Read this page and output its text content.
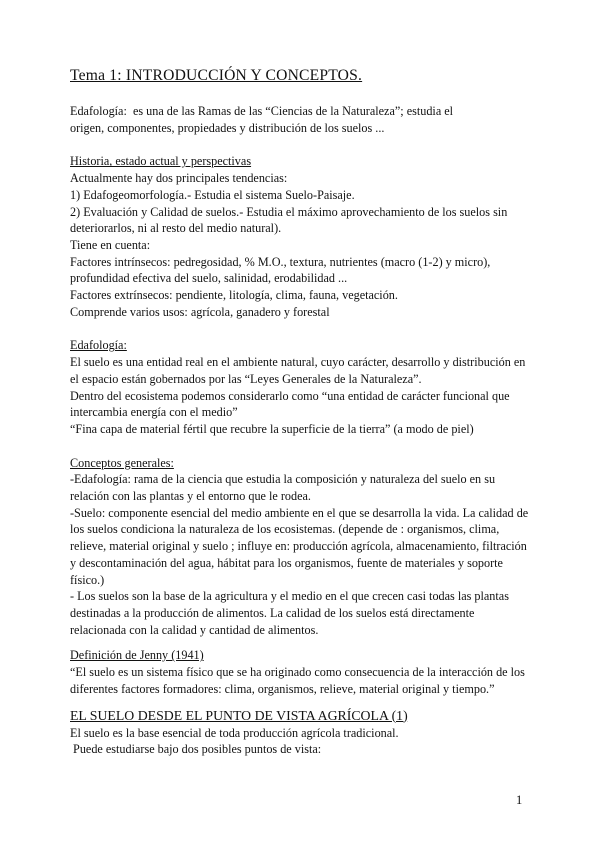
Tema 1: INTRODUCCIÓN Y CONCEPTOS.
Edafología:  es una de las Ramas de las “Ciencias de la Naturaleza”; estudia el
origen, componentes, propiedades y distribución de los suelos ...
Historia, estado actual y perspectivas
Actualmente hay dos principales tendencias:
1) Edafogeomorfología.- Estudia el sistema Suelo-Paisaje.
2) Evaluación y Calidad de suelos.- Estudia el máximo aprovechamiento de los suelos sin
deteriorarlos, ni al resto del medio natural).
Tiene en cuenta:
Factores intrínsecos: pedregosidad, % M.O., textura, nutrientes (macro (1-2) y micro),
profundidad efectiva del suelo, salinidad, erodabilidad ...
Factores extrínsecos: pendiente, litología, clima, fauna, vegetación.
Comprende varios usos: agrícola, ganadero y forestal
Edafología:
El suelo es una entidad real en el ambiente natural, cuyo carácter, desarrollo y distribución en
el espacio están gobernados por las “Leyes Generales de la Naturaleza”.
Dentro del ecosistema podemos considerarlo como “una entidad de carácter funcional que
intercambia energía con el medio”
“Fina capa de material fértil que recubre la superficie de la tierra” (a modo de piel)
Conceptos generales:
-Edafología: rama de la ciencia que estudia la composición y naturaleza del suelo en su
relación con las plantas y el entorno que le rodea.
-Suelo: componente esencial del medio ambiente en el que se desarrolla la vida. La calidad de
los suelos condiciona la naturaleza de los ecosistemas. (depende de : organismos, clima,
relieve, material original y suelo ; influye en: producción agrícola, almacenamiento, filtración
y descontaminación del agua, hábitat para los organismos, fuente de materiales y soporte
físico.)
- Los suelos son la base de la agricultura y el medio en el que crecen casi todas las plantas
destinadas a la producción de alimentos. La calidad de los suelos está directamente
relacionada con la calidad y cantidad de alimentos.
Definición de Jenny (1941)
“El suelo es un sistema físico que se ha originado como consecuencia de la interacción de los
diferentes factores formadores: clima, organismos, relieve, material original y tiempo.”
EL SUELO DESDE EL PUNTO DE VISTA AGRÍCOLA (1)
El suelo es la base esencial de toda producción agrícola tradicional.
Puede estudiarse bajo dos posibles puntos de vista:
1
